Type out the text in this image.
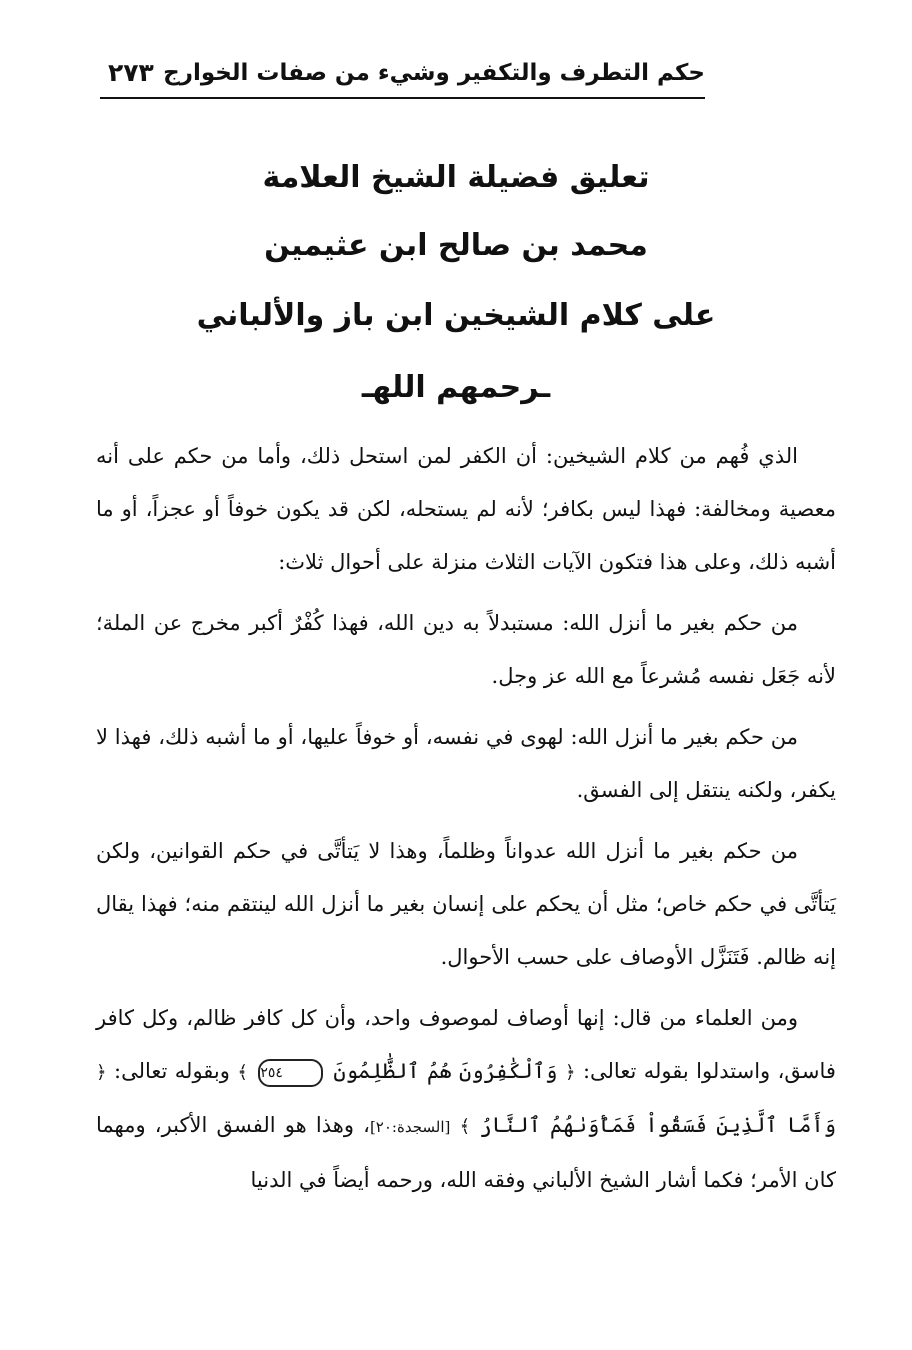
حكم التطرف والتكفير وشيء من صفات الخوارج
٢٧٣
تعليق فضيلة الشيخ العلامة
محمد بن صالح ابن عثيمين
على كلام الشيخين ابن باز والألباني
ـرحمهم اللهـ

الذي فُهم من كلام الشيخين: أن الكفر لمن استحل ذلك، وأما من حكم على أنه معصية ومخالفة: فهذا ليس بكافر؛ لأنه لم يستحله، لكن قد يكون خوفاً أو عجزاً، أو ما أشبه ذلك، وعلى هذا فتكون الآيات الثلاث منزلة على أحوال ثلاث:

من حكم بغير ما أنزل الله: مستبدلاً به دين الله، فهذا كُفْرٌ أكبر مخرج عن الملة؛ لأنه جَعَل نفسه مُشرعاً مع الله عز وجل.

من حكم بغير ما أنزل الله: لهوى في نفسه، أو خوفاً عليها، أو ما أشبه ذلك، فهذا لا يكفر، ولكنه ينتقل إلى الفسق.

من حكم بغير ما أنزل الله عدواناً وظلماً، وهذا لا يَتأتَّى في حكم القوانين، ولكن يَتأتَّى في حكم خاص؛ مثل أن يحكم على إنسان بغير ما أنزل الله لينتقم منه؛ فهذا يقال إنه ظالم. فَتَنَزَّل الأوصاف على حسب الأحوال.

ومن العلماء من قال: إنها أوصاف لموصوف واحد، وأن كل كافر ظالم، وكل كافر فاسق، واستدلوا بقوله تعالى: ﴿ وَٱلْكَٰفِرُونَ هُمُ ٱلظَّٰلِمُونَ ٢٥٤ ﴾ وبقوله تعالى: ﴿ وَأَمَّا ٱلَّذِينَ فَسَقُواْ فَمَأْوَىٰهُمُ ٱلنَّارُ ﴾ [السجدة:٢٠]، وهذا هو الفسق الأكبر، ومهما كان الأمر؛ فكما أشار الشيخ الألباني وفقه الله، ورحمه أيضاً في الدنيا
